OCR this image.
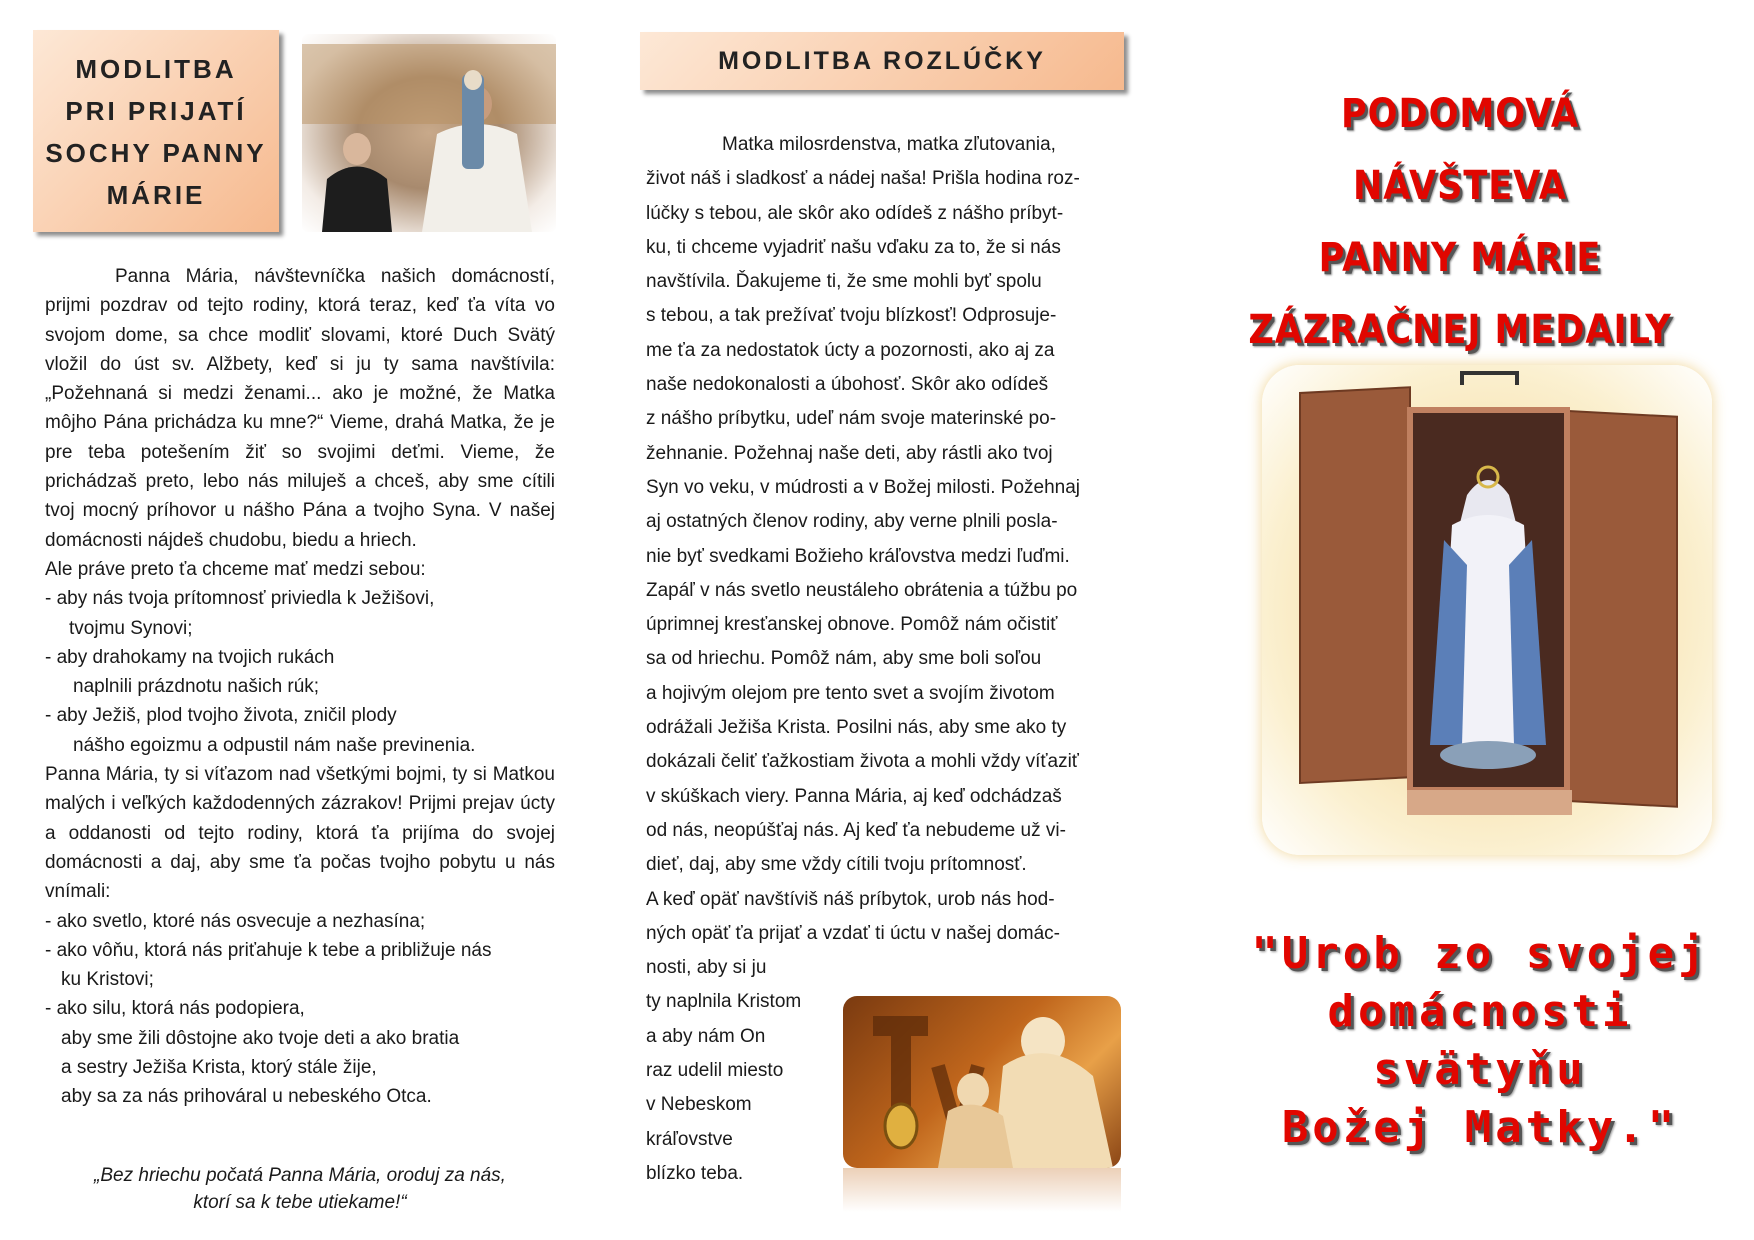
MODLITBA
PRI PRIJATÍ
SOCHY PANNY
MÁRIE

Panna Mária, návštevníčka našich domácností, prijmi pozdrav od tejto rodiny, ktorá teraz, keď ťa víta vo svojom dome, sa chce modliť slovami, ktoré Duch Svätý vložil do úst sv. Alžbety, keď si ju ty sama navštívila: „Požehnaná si medzi ženami... ako je možné, že Matka môjho Pána prichádza ku mne?“ Vieme, drahá Matka, že je pre teba potešením žiť so svojimi deťmi. Vieme, že prichádzaš preto, lebo nás miluješ a chceš, aby sme cítili tvoj mocný príhovor u nášho Pána a tvojho Syna. V našej domácnosti nájdeš chudobu, biedu a hriech.

Ale práve preto ťa chceme mať medzi sebou:

- aby nás tvoja prítomnosť priviedla k Ježišovi,
tvojmu Synovi;

- aby drahokamy na tvojich rukách
naplnili prázdnotu našich rúk;

- aby Ježiš, plod tvojho života, zničil plody
nášho egoizmu a odpustil nám naše previnenia.

Panna Mária, ty si víťazom nad všetkými bojmi, ty si Matkou malých i veľkých každodenných zázrakov! Prijmi prejav úcty a oddanosti od tejto rodiny, ktorá ťa prijíma do svojej domácnosti a daj, aby sme ťa počas tvojho pobytu u nás vnímali:

- ako svetlo, ktoré nás osvecuje a nezhasína;

- ako vôňu, ktorá nás priťahuje k tebe a približuje nás
ku Kristovi;

- ako silu, ktorá nás podopiera,
aby sme žili dôstojne ako tvoje deti a ako bratia
a sestry Ježiša Krista, ktorý stále žije,
aby sa za nás prihováral u nebeského Otca.

„Bez hriechu počatá Panna Mária, oroduj za nás,
ktorí sa k tebe utiekame!“
MODLITBA ROZLÚČKY
Matka milosrdenstva, matka zľutovania,
život náš i sladkosť a nádej naša! Prišla hodina roz-
lúčky s tebou, ale skôr ako odídeš z nášho príbyt-
ku, ti chceme vyjadriť našu vďaku za to, že si nás
navštívila. Ďakujeme ti, že sme mohli byť spolu
s tebou, a tak prežívať tvoju blízkosť! Odprosuje-
me ťa za nedostatok úcty a pozornosti, ako aj za
naše nedokonalosti a úbohosť. Skôr ako odídeš
z nášho príbytku, udeľ nám svoje materinské po-
žehnanie. Požehnaj naše deti, aby rástli ako tvoj
Syn vo veku, v múdrosti a v Božej milosti. Požehnaj
aj ostatných členov rodiny, aby verne plnili posla-
nie byť svedkami Božieho kráľovstva medzi ľuďmi.
Zapáľ v nás svetlo neustáleho obrátenia a túžbu po
úprimnej kresťanskej obnove. Pomôž nám očistiť
sa od hriechu. Pomôž nám, aby sme boli soľou
a hojivým olejom pre tento svet a svojím životom
odrážali Ježiša Krista. Posilni nás, aby sme ako ty
dokázali čeliť ťažkostiam života a mohli vždy víťaziť
v skúškach viery. Panna Mária, aj keď odchádzaš
od nás, neopúšťaj nás. Aj keď ťa nebudeme už vi-
dieť, daj, aby sme vždy cítili tvoju prítomnosť.
A keď opäť navštíviš náš príbytok, urob nás hod-
ných opäť ťa prijať a vzdať ti úctu v našej domác-
nosti, aby si ju
ty naplnila Kristom
a aby nám On
raz udelil miesto
v Nebeskom
kráľovstve
blízko teba.
PODOMOVÁ NÁVŠTEVA
PANNY MÁRIE
ZÁZRAČNEJ MEDAILY
"Urob zo svojej
domácnosti
svätyňu
Božej Matky."
